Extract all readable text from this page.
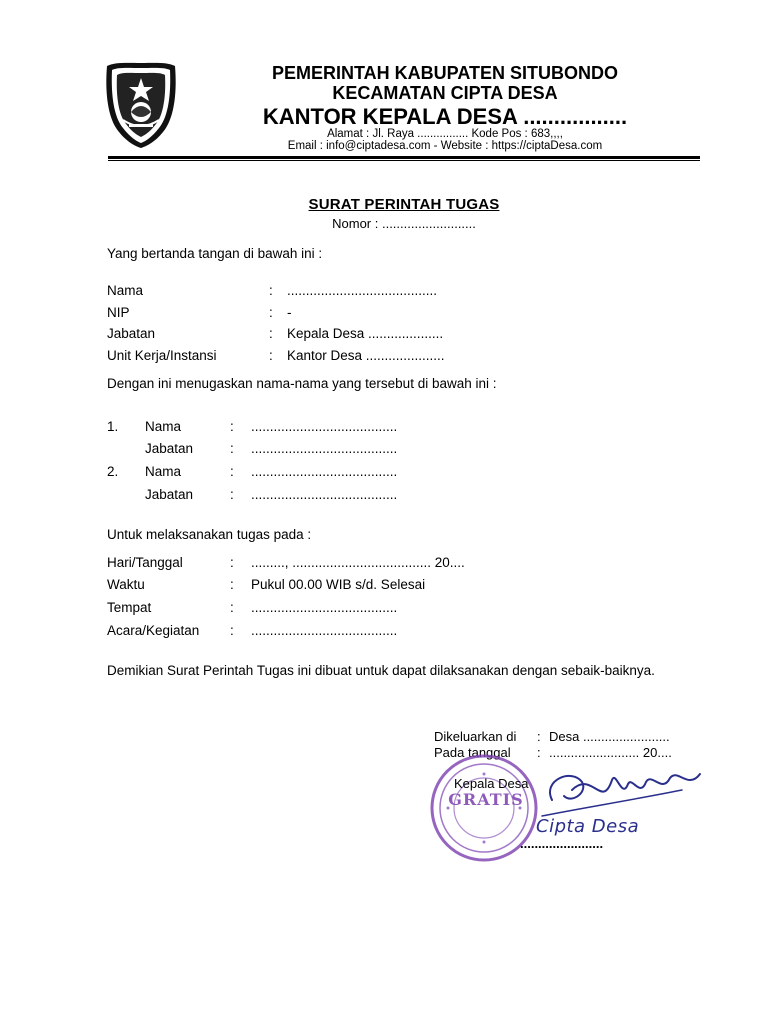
PEMERINTAH KABUPATEN SITUBONDO
KECAMATAN CIPTA DESA
KANTOR KEPALA DESA .................
Alamat : Jl. Raya ................ Kode Pos : 683,,,,
Email : info@ciptadesa.com - Website : https://ciptaDesa.com
SURAT PERINTAH TUGAS
Nomor : ..........................
Yang bertanda tangan di bawah ini :
Nama	: ........................................
NIP	: -
Jabatan	: Kepala Desa ....................
Unit Kerja/Instansi	: Kantor Desa .....................
Dengan ini menugaskan nama-nama yang tersebut di bawah ini :
1. Nama	: .......................................
Jabatan	: .......................................
2. Nama	: .......................................
Jabatan	: .......................................
Untuk melaksanakan tugas pada :
Hari/Tanggal	: ........., ..................................... 20....
Waktu	: Pukul 00.00 WIB s/d. Selesai
Tempat	: .......................................
Acara/Kegiatan : .......................................
Demikian Surat Perintah Tugas ini dibuat untuk dapat dilaksanakan dengan sebaik-baiknya.
Dikeluarkan di : Desa ........................
Pada tanggal : ......................... 20....
GRATIS
Kepala Desa
Cipta Desa
.......................
